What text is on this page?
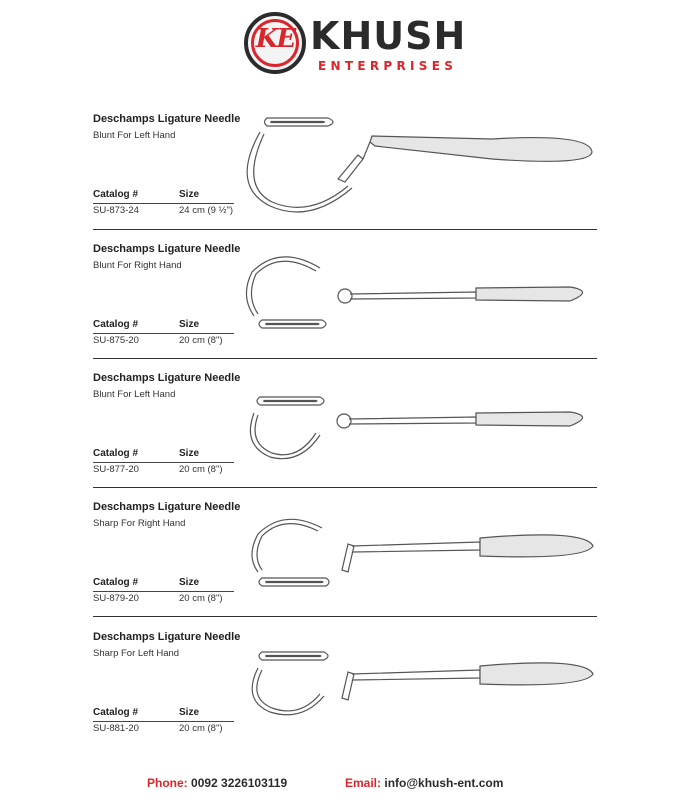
KE KHUSH
ENTERPRISES
Deschamps Ligature Needle
Blunt For Left Hand
Catalog #	Size
SU-873-24	24 cm (9 ½")
Deschamps Ligature Needle
Blunt For Right Hand
Catalog #	Size
SU-875-20	20 cm (8")
Deschamps Ligature Needle
Blunt For Left Hand
Catalog #	Size
SU-877-20	20 cm (8")
Deschamps Ligature Needle
Sharp For Right Hand
Catalog #	Size
SU-879-20	20 cm (8")
Deschamps Ligature Needle
Sharp For Left Hand
Catalog #	Size
SU-881-20	20 cm (8")
Phone: 0092 3226103119	Email: info@khush-ent.com
